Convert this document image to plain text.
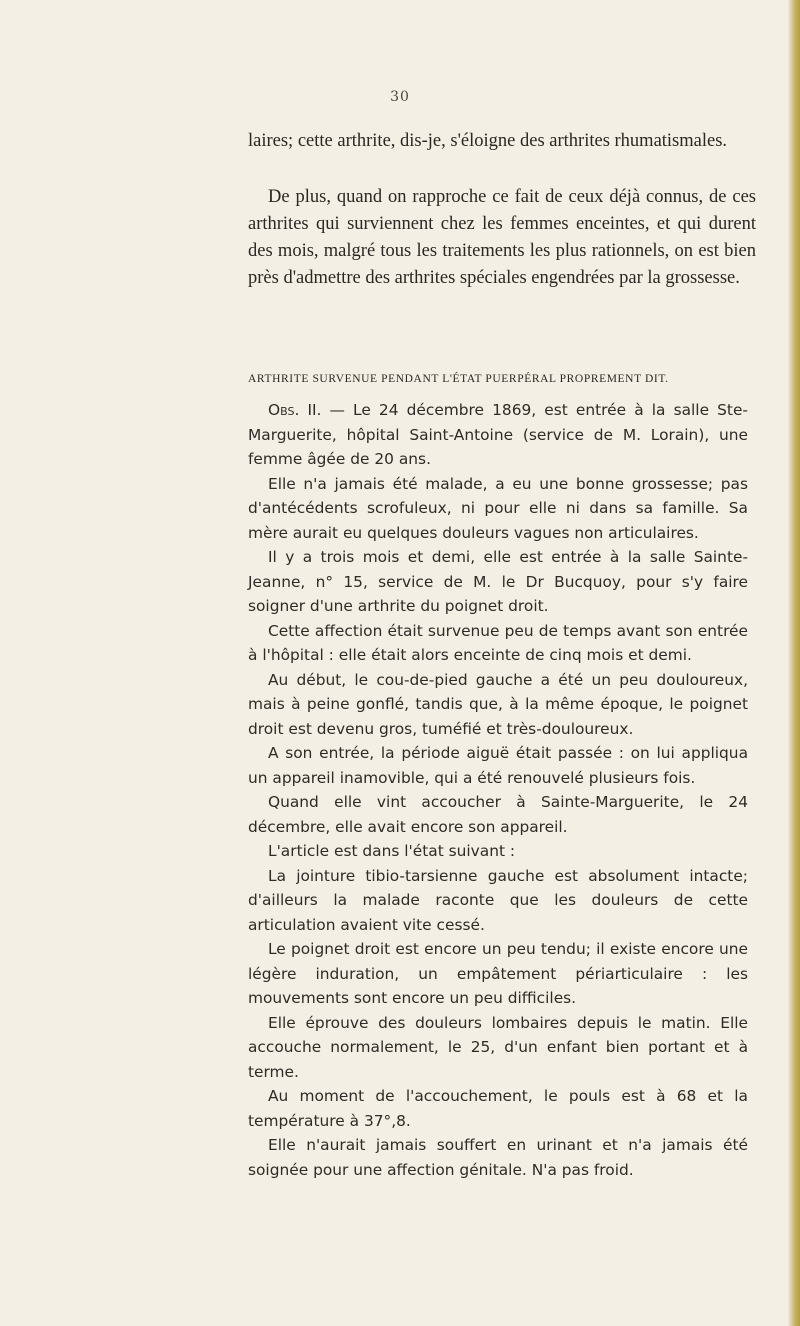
30

laires; cette arthrite, dis-je, s'éloigne des arthrites rhumatismales.

De plus, quand on rapproche ce fait de ceux déjà connus, de ces arthrites qui surviennent chez les femmes enceintes, et qui durent des mois, malgré tous les traitements les plus rationnels, on est bien près d'admettre des arthrites spéciales engendrées par la grossesse.

ARTHRITE SURVENUE PENDANT L'ÉTAT PUERPÉRAL PROPREMENT DIT.

Obs. II. — Le 24 décembre 1869, est entrée à la salle Ste-Marguerite, hôpital Saint-Antoine (service de M. Lorain), une femme âgée de 20 ans.

Elle n'a jamais été malade, a eu une bonne grossesse; pas d'antécédents scrofuleux, ni pour elle ni dans sa famille. Sa mère aurait eu quelques douleurs vagues non articulaires.

Il y a trois mois et demi, elle est entrée à la salle Sainte-Jeanne, n° 15, service de M. le Dr Bucquoy, pour s'y faire soigner d'une arthrite du poignet droit.

Cette affection était survenue peu de temps avant son entrée à l'hôpital : elle était alors enceinte de cinq mois et demi.

Au début, le cou-de-pied gauche a été un peu douloureux, mais à peine gonflé, tandis que, à la même époque, le poignet droit est devenu gros, tuméfié et très-douloureux.

A son entrée, la période aiguë était passée : on lui appliqua un appareil inamovible, qui a été renouvelé plusieurs fois.

Quand elle vint accoucher à Sainte-Marguerite, le 24 décembre, elle avait encore son appareil.

L'article est dans l'état suivant :

La jointure tibio-tarsienne gauche est absolument intacte; d'ailleurs la malade raconte que les douleurs de cette articulation avaient vite cessé.

Le poignet droit est encore un peu tendu; il existe encore une légère induration, un empâtement périarticulaire : les mouvements sont encore un peu difficiles.

Elle éprouve des douleurs lombaires depuis le matin. Elle accouche normalement, le 25, d'un enfant bien portant et à terme.

Au moment de l'accouchement, le pouls est à 68 et la température à 37°,8.

Elle n'aurait jamais souffert en urinant et n'a jamais été soignée pour une affection génitale. N'a pas froid.
